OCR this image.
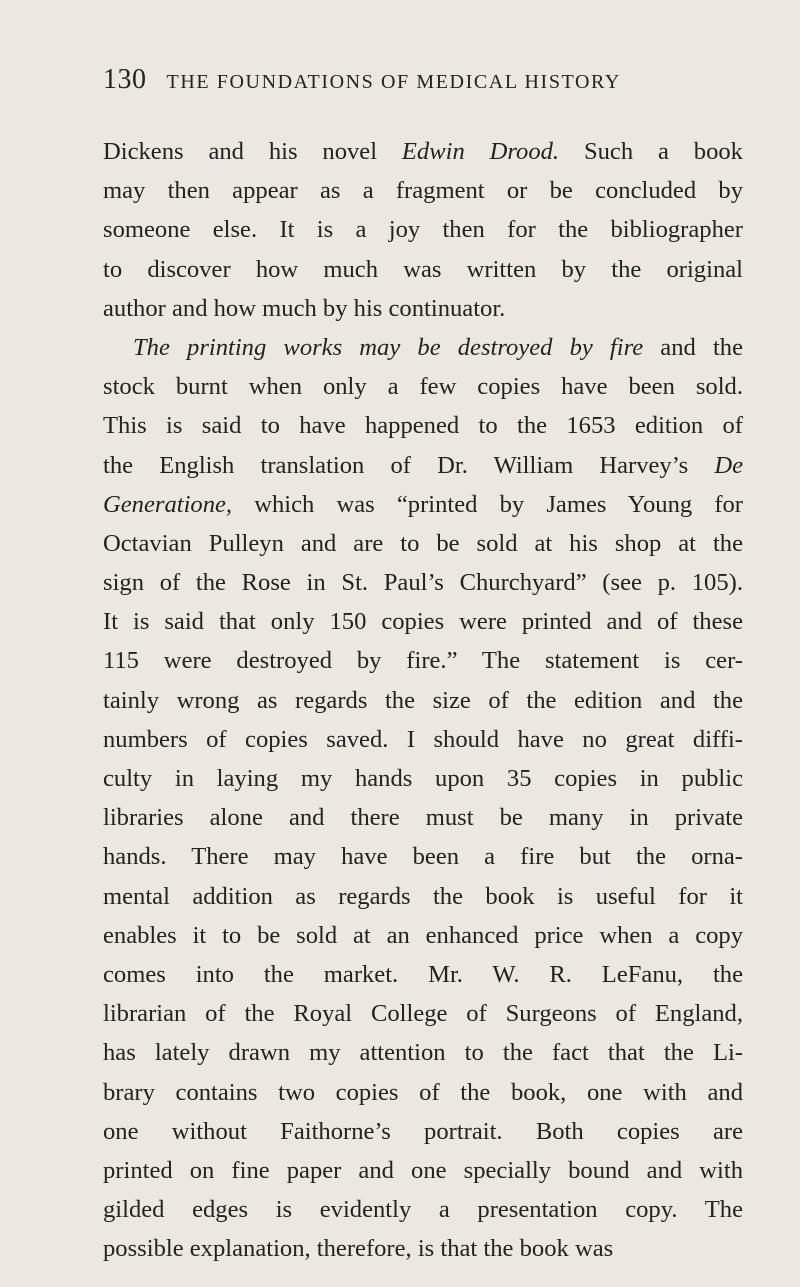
130 THE FOUNDATIONS OF MEDICAL HISTORY
Dickens and his novel Edwin Drood. Such a book
may then appear as a fragment or be concluded by
someone else. It is a joy then for the bibliographer
to discover how much was written by the original
author and how much by his continuator.
The printing works may be destroyed by fire and the
stock burnt when only a few copies have been sold.
This is said to have happened to the 1653 edition of
the English translation of Dr. William Harvey’s De
Generatione, which was “printed by James Young for
Octavian Pulleyn and are to be sold at his shop at the
sign of the Rose in St. Paul’s Churchyard” (see p. 105).
It is said that only 150 copies were printed and of these
115 were destroyed by fire.” The statement is cer-
tainly wrong as regards the size of the edition and the
numbers of copies saved. I should have no great diffi-
culty in laying my hands upon 35 copies in public
libraries alone and there must be many in private
hands. There may have been a fire but the orna-
mental addition as regards the book is useful for it
enables it to be sold at an enhanced price when a copy
comes into the market. Mr. W. R. LeFanu, the
librarian of the Royal College of Surgeons of England,
has lately drawn my attention to the fact that the Li-
brary contains two copies of the book, one with and
one without Faithorne’s portrait. Both copies are
printed on fine paper and one specially bound and with
gilded edges is evidently a presentation copy. The
possible explanation, therefore, is that the book was
